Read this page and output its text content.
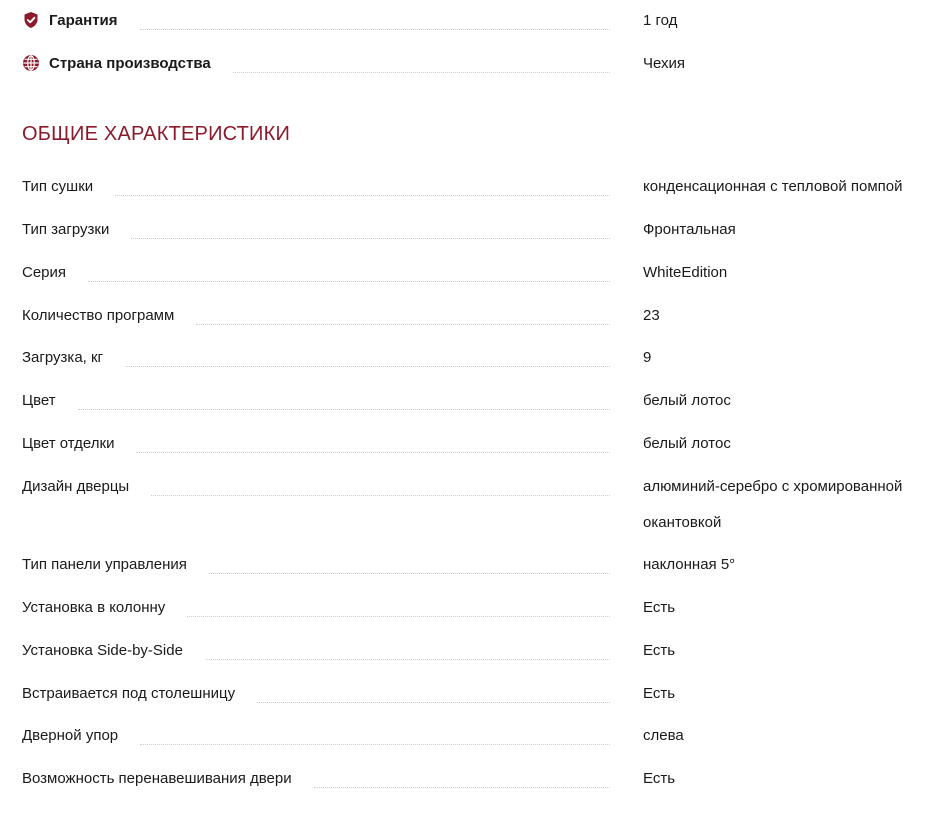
Гарантия	1 год
Страна производства	Чехия
ОБЩИЕ ХАРАКТЕРИСТИКИ
Тип сушки	конденсационная с тепловой помпой
Тип загрузки	Фронтальная
Серия	WhiteEdition
Количество программ	23
Загрузка, кг	9
Цвет	белый лотос
Цвет отделки	белый лотос
Дизайн дверцы	алюминий-серебро с хромированной окантовкой
Тип панели управления	наклонная 5°
Установка в колонну	Есть
Установка Side-by-Side	Есть
Встраивается под столешницу	Есть
Дверной упор	слева
Возможность перенавешивания двери	Есть
